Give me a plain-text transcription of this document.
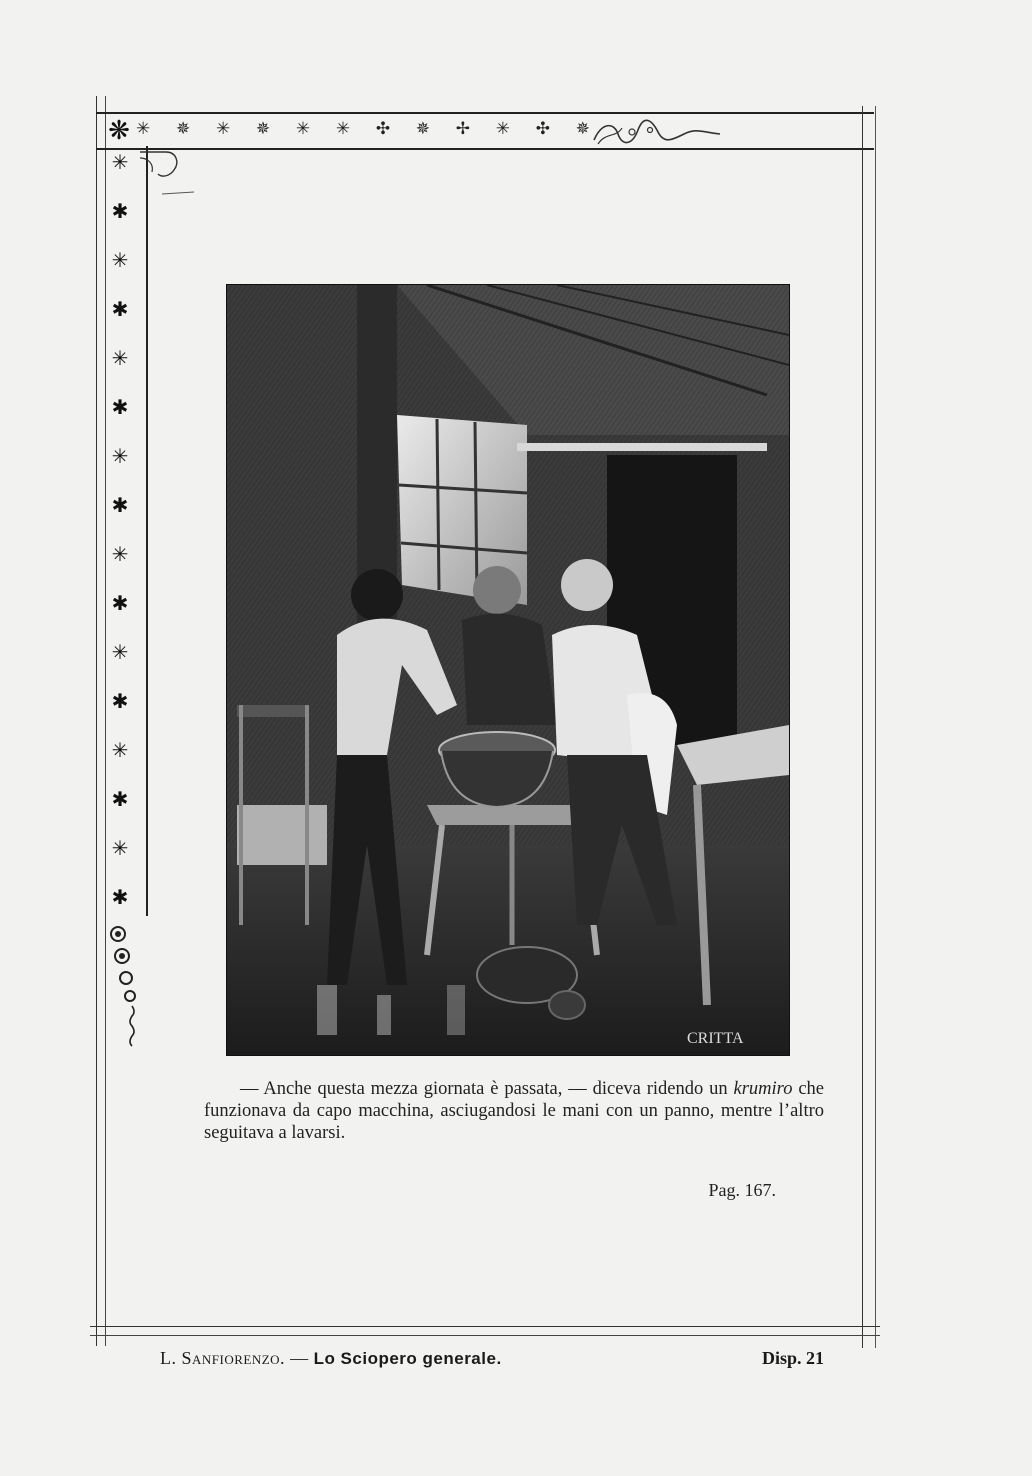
❋ ✳ ✵ ✳ ✵ ✳ ✳ ✣ ✵ ✢ ✳ ✣ ✵
✳
✱
✳
✱
✳
✱
✳
✱
✳
✱
✳
✱
✳
✱
✳
✱
CRITTA

— Anche questa mezza giornata è passata, — diceva ridendo un krumiro che funzionava da capo macchina, asciugandosi le mani con un panno, mentre l’altro seguitava a lavarsi.

Pag. 167.
L. Sanfiorenzo. — Lo Sciopero generale.	Disp. 21
